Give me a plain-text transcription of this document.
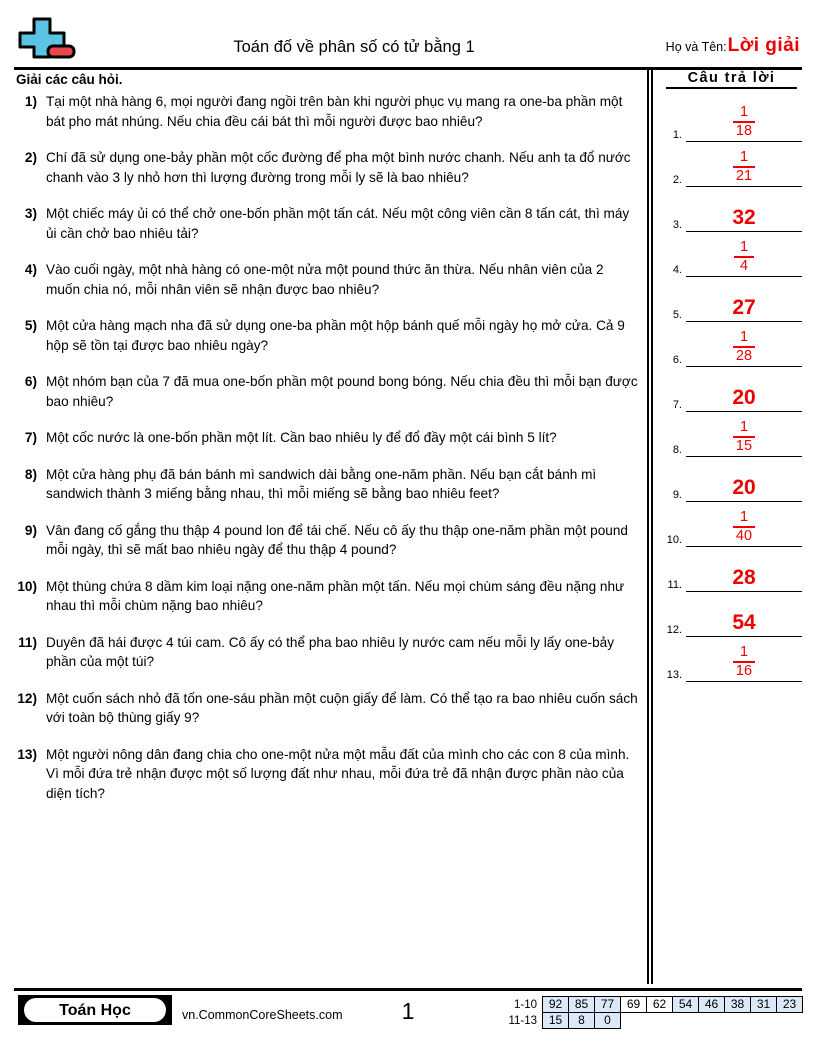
Toán đố về phân số có tử bằng 1	Họ và Tên: Lời giải
Giải các câu hỏi.
1) Tại một nhà hàng 6, mọi người đang ngồi trên bàn khi người phục vụ mang ra one-ba phần một bát pho mát nhúng. Nếu chia đều cái bát thì mỗi người được bao nhiêu?
2) Chí đã sử dụng one-bảy phần một cốc đường để pha một bình nước chanh. Nếu anh ta đổ nước chanh vào 3 ly nhỏ hơn thì lượng đường trong mỗi ly sẽ là bao nhiêu?
3) Một chiếc máy ủi có thể chở one-bốn phần một tấn cát. Nếu một công viên cần 8 tấn cát, thì máy ủi cần chở bao nhiêu tải?
4) Vào cuối ngày, một nhà hàng có one-một nửa một pound thức ăn thừa. Nếu nhân viên của 2 muốn chia nó, mỗi nhân viên sẽ nhận được bao nhiêu?
5) Một cửa hàng mạch nha đã sử dụng one-ba phần một hộp bánh quế mỗi ngày họ mở cửa. Cả 9 hộp sẽ tồn tại được bao nhiêu ngày?
6) Một nhóm bạn của 7 đã mua one-bốn phần một pound bong bóng. Nếu chia đều thì mỗi bạn được bao nhiêu?
7) Một cốc nước là one-bốn phần một lít. Cần bao nhiêu ly để đổ đầy một cái bình 5 lít?
8) Một cửa hàng phụ đã bán bánh mì sandwich dài bằng one-năm phần. Nếu bạn cắt bánh mì sandwich thành 3 miếng bằng nhau, thì mỗi miếng sẽ bằng bao nhiêu feet?
9) Vân đang cố gắng thu thập 4 pound lon để tái chế. Nếu cô ấy thu thập one-năm phần một pound mỗi ngày, thì sẽ mất bao nhiêu ngày để thu thập 4 pound?
10) Một thùng chứa 8 dầm kim loại nặng one-năm phần một tấn. Nếu mọi chùm sáng đều nặng như nhau thì mỗi chùm nặng bao nhiêu?
11) Duyên đã hái được 4 túi cam. Cô ấy có thể pha bao nhiêu ly nước cam nếu mỗi ly lấy one-bảy phần của một túi?
12) Một cuốn sách nhỏ đã tốn one-sáu phần một cuộn giấy để làm. Có thể tạo ra bao nhiêu cuốn sách với toàn bộ thùng giấy 9?
13) Một người nông dân đang chia cho one-một nửa một mẫu đất của mình cho các con 8 của mình. Vì mỗi đứa trẻ nhận được một số lượng đất như nhau, mỗi đứa trẻ đã nhận được phần nào của diện tích?
Câu trả lời
1.	$\frac{1}{18}$
2.	$\frac{1}{21}$
3. 32
4.	$\frac{1}{4}$
5. 27
6.	$\frac{1}{28}$
7. 20
8.	$\frac{1}{15}$
9. 20
10.	$\frac{1}{40}$
11. 28
12. 54
13.	$\frac{1}{16}$
1
Toán Học	vn.CommonCoreSheets.com
1-10 92	85	77	69	62	54	46	38	31	23
11-13 15	8	0
